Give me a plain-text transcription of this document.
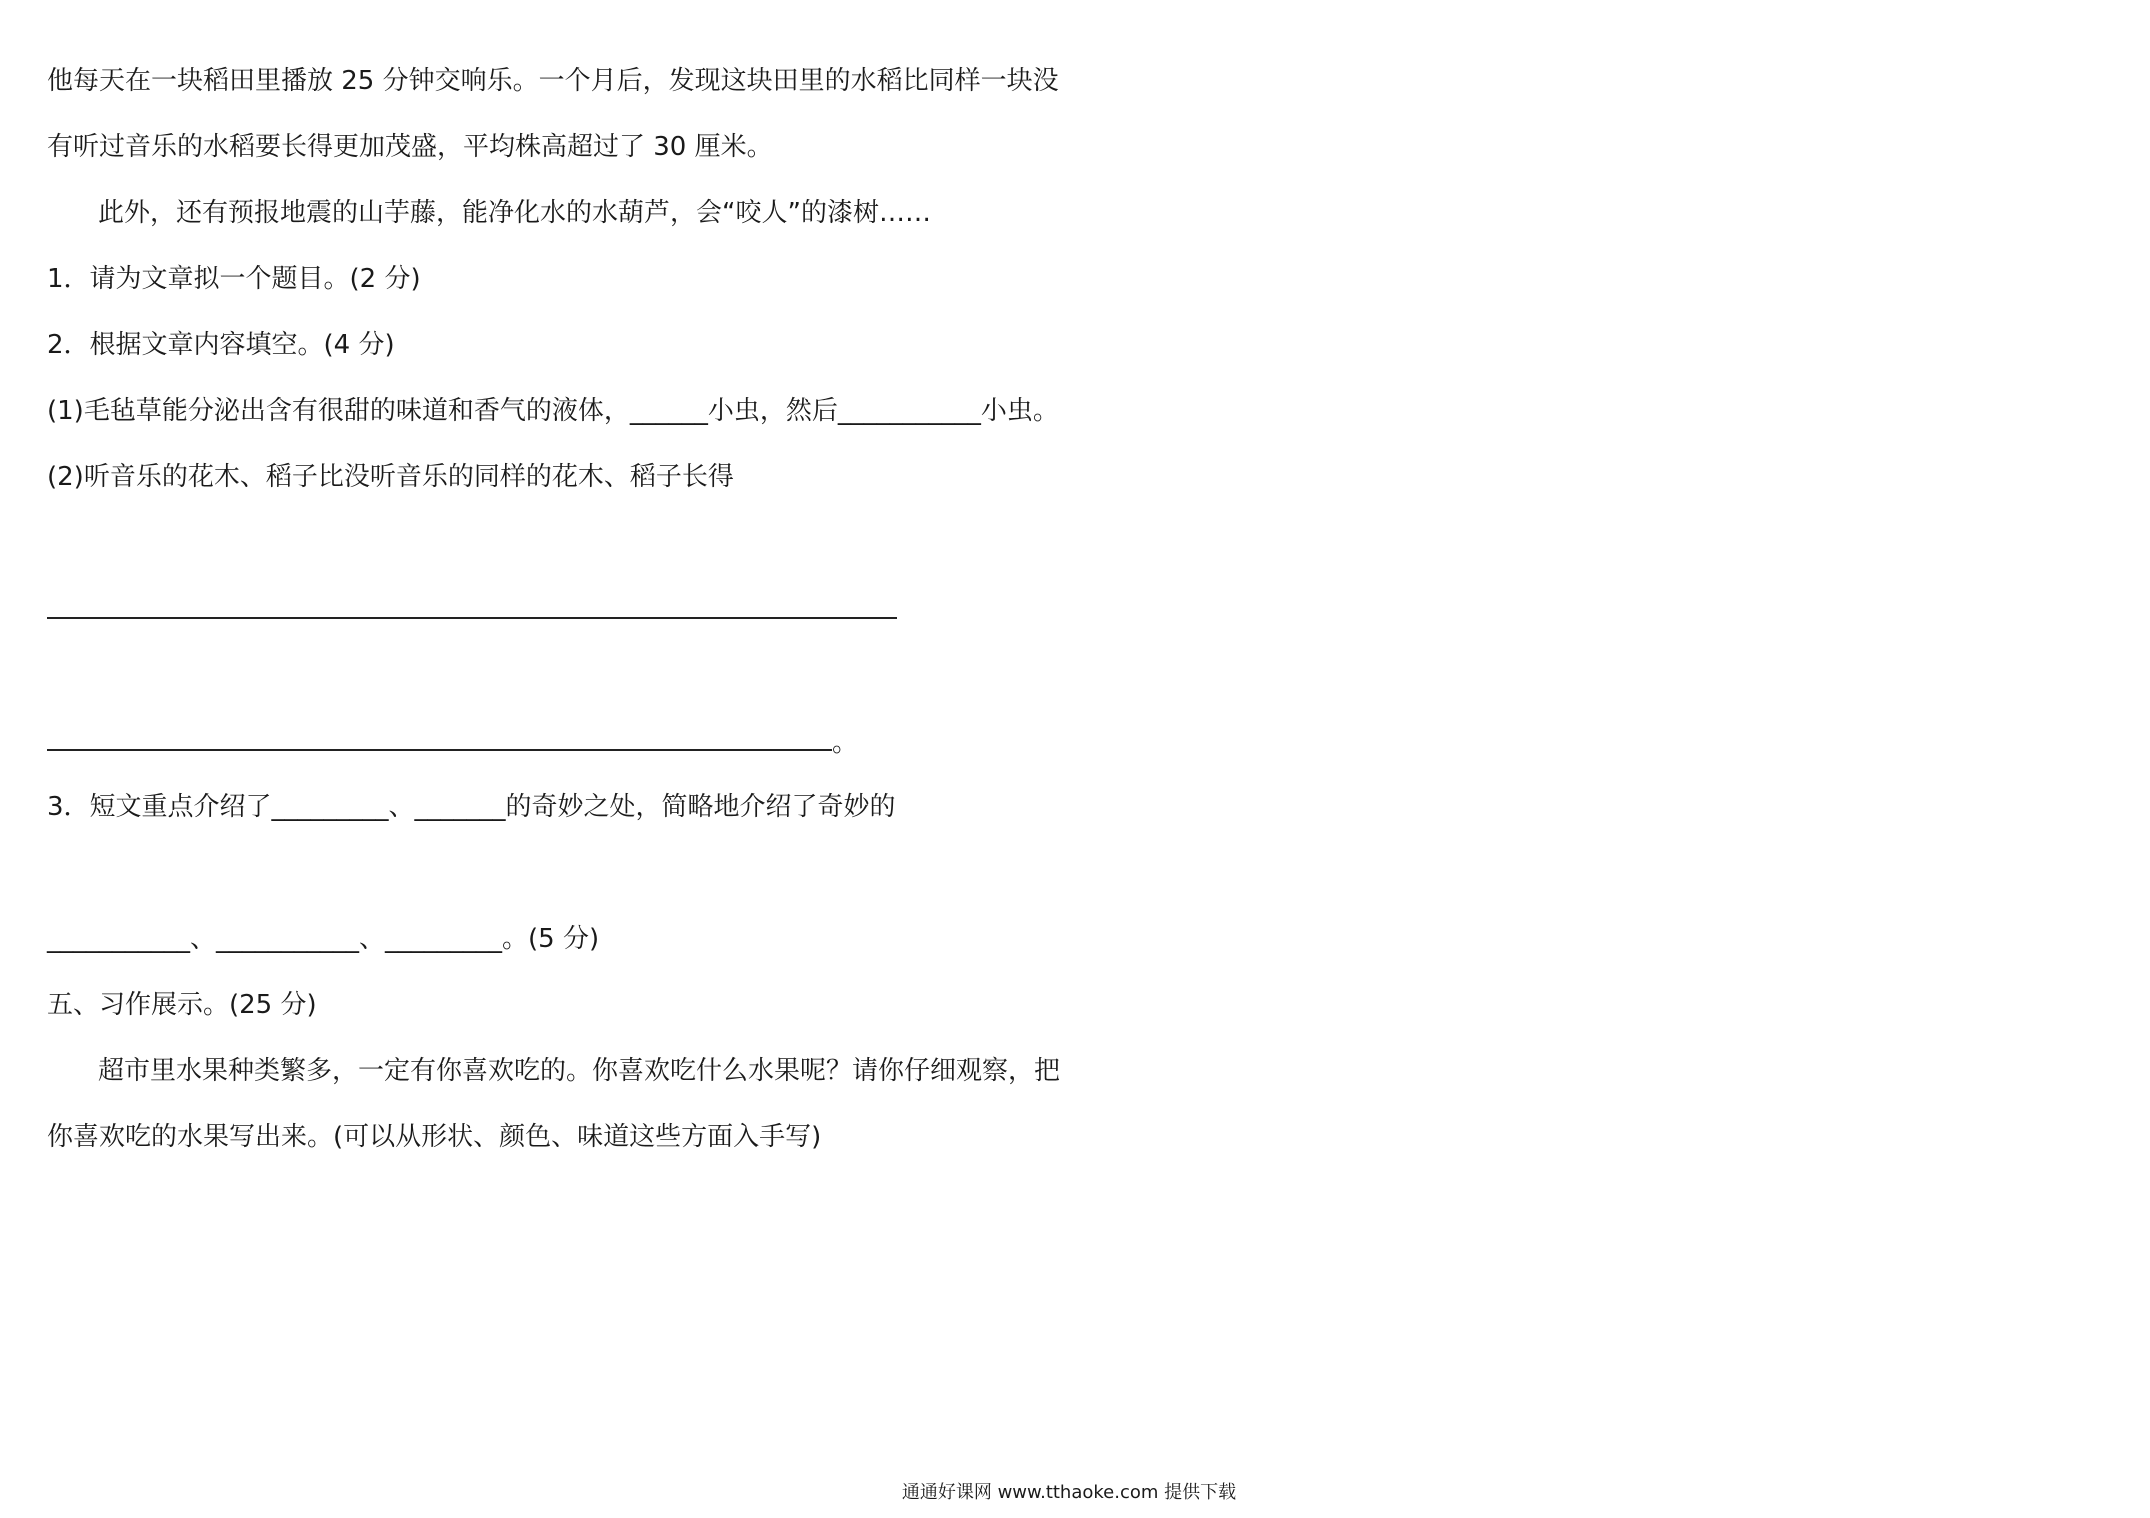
他每天在一块稻田里播放 25 分钟交响乐。一个月后，发现这块田里的水稻比同样一块没
有听过音乐的水稻要长得更加茂盛，平均株高超过了 30 厘米。
此外，还有预报地震的山芋藤，能净化水的水葫芦，会“咬人”的漆树……
1．请为文章拟一个题目。(2 分)
2．根据文章内容填空。(4 分)
(1)毛毡草能分泌出含有很甜的味道和香气的液体，______小虫，然后___________小虫。
(2)听音乐的花木、稻子比没听音乐的同样的花木、稻子长得
。
3．短文重点介绍了_________、_______的奇妙之处，简略地介绍了奇妙的
___________、___________、_________。(5 分)
五、习作展示。(25 分)
超市里水果种类繁多，一定有你喜欢吃的。你喜欢吃什么水果呢？请你仔细观察，把
你喜欢吃的水果写出来。(可以从形状、颜色、味道这些方面入手写)
通通好课网 www.tthaoke.com 提供下载
